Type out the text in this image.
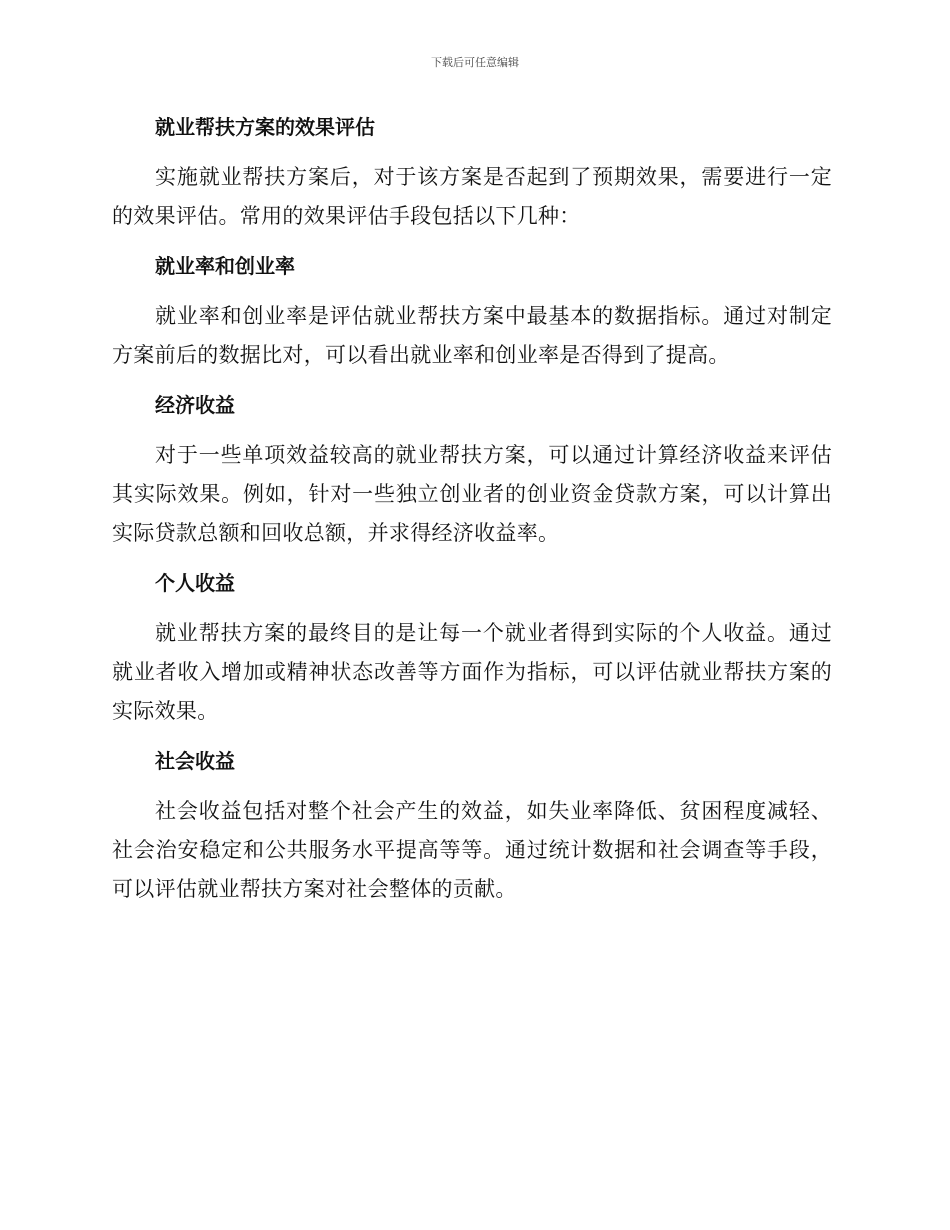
下载后可任意编辑
就业帮扶方案的效果评估

实施就业帮扶方案后，对于该方案是否起到了预期效果，需要进行一定的效果评估。常用的效果评估手段包括以下几种：

就业率和创业率

就业率和创业率是评估就业帮扶方案中最基本的数据指标。通过对制定方案前后的数据比对，可以看出就业率和创业率是否得到了提高。

经济收益

对于一些单项效益较高的就业帮扶方案，可以通过计算经济收益来评估其实际效果。例如，针对一些独立创业者的创业资金贷款方案，可以计算出实际贷款总额和回收总额，并求得经济收益率。

个人收益

就业帮扶方案的最终目的是让每一个就业者得到实际的个人收益。通过就业者收入增加或精神状态改善等方面作为指标，可以评估就业帮扶方案的实际效果。

社会收益

社会收益包括对整个社会产生的效益，如失业率降低、贫困程度减轻、社会治安稳定和公共服务水平提高等等。通过统计数据和社会调查等手段，可以评估就业帮扶方案对社会整体的贡献。
